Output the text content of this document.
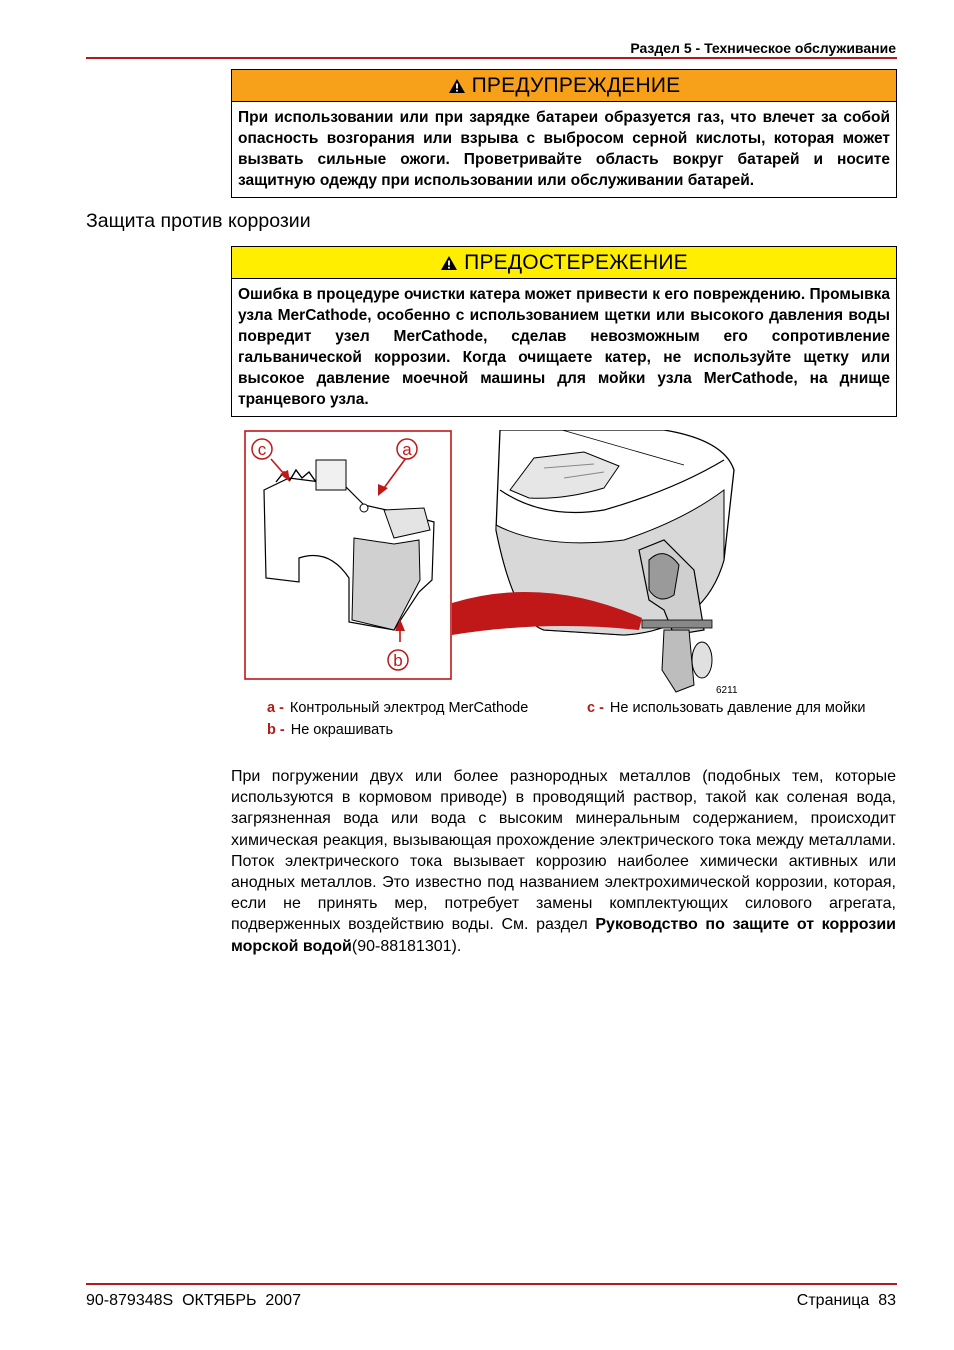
Раздел 5 - Техническое обслуживание
ПРЕДУПРЕЖДЕНИЕ
При использовании или при зарядке батареи образуется газ, что влечет за собой опасность возгорания или взрыва с выбросом серной кислоты, которая может вызвать сильные ожоги. Проветривайте область вокруг батарей и носите защитную одежду при использовании или обслуживании батарей.
Защита против коррозии
ПРЕДОСТЕРЕЖЕНИЕ
Ошибка в процедуре очистки катера может привести к его повреждению. Промывка узла MerCathode, особенно с использованием щетки или высокого давления воды повредит узел MerCathode, сделав невозможным его сопротивление гальванической коррозии. Когда очищаете катер, не используйте щетку или высокое давление моечной машины для мойки узла MerCathode, на днище транцевого узла.
c	a
b
6211
a - Контрольный электрод MerCathode	c - Не использовать давление для мойки
b - Не окрашивать
При погружении двух или более разнородных металлов (подобных тем, которые используются в кормовом приводе) в проводящий раствор, такой как соленая вода, загрязненная вода или вода с высоким минеральным содержанием, происходит химическая реакция, вызывающая прохождение электрического тока между металлами. Поток электрического тока вызывает коррозию наиболее химически активных или анодных металлов. Это известно под названием электрохимической коррозии, которая, если не принять мер, потребует замены комплектующих силового агрегата, подверженных воздействию воды. См. раздел Руководство по защите от коррозии морской водой(90-88181301).
90-879348S  ОКТЯБРЬ  2007	Страница  83
